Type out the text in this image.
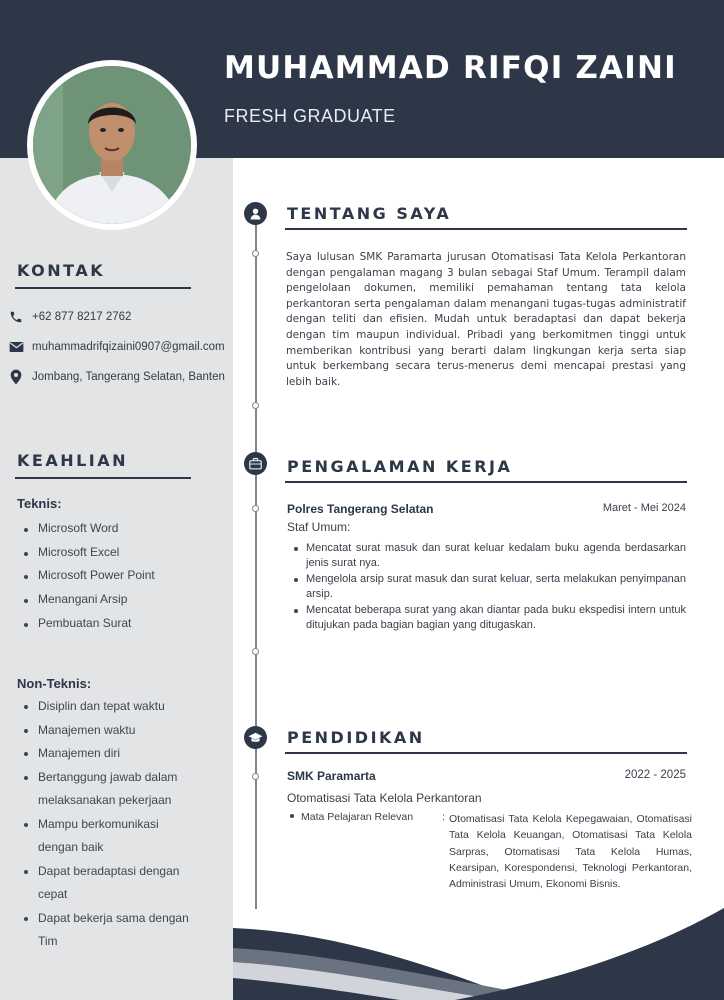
MUHAMMAD RIFQI ZAINI
FRESH GRADUATE
KONTAK
+62 877 8217 2762
muhammadrifqizaini0907@gmail.com
Jombang, Tangerang Selatan, Banten
KEAHLIAN
Teknis:
Microsoft Word
Microsoft Excel
Microsoft Power Point
Menangani Arsip
Pembuatan Surat
Non-Teknis:
Disiplin dan tepat waktu
Manajemen waktu
Manajemen diri
Bertanggung jawab dalam melaksanakan pekerjaan
Mampu berkomunikasi dengan baik
Dapat beradaptasi dengan cepat
Dapat bekerja sama dengan Tim
TENTANG SAYA
Saya lulusan SMK Paramarta jurusan Otomatisasi Tata Kelola Perkantoran dengan pengalaman magang 3 bulan sebagai Staf Umum. Terampil dalam pengelolaan dokumen, memiliki pemahaman tentang tata kelola perkantoran serta pengalaman dalam menangani tugas-tugas administratif dengan teliti dan efisien. Mudah untuk beradaptasi dan dapat bekerja dengan tim maupun individual. Pribadi yang berkomitmen tinggi untuk memberikan kontribusi yang berarti dalam lingkungan kerja serta siap untuk berkembang secara terus-menerus demi mencapai prestasi yang lebih baik.
PENGALAMAN KERJA
Polres Tangerang Selatan	Maret - Mei 2024
Staf Umum:
Mencatat surat masuk dan surat keluar kedalam buku agenda berdasarkan jenis surat nya.
Mengelola arsip surat masuk dan surat keluar, serta melakukan penyimpanan arsip.
Mencatat beberapa surat yang akan diantar pada buku ekspedisi intern untuk ditujukan pada bagian bagian yang ditugaskan.
PENDIDIKAN
SMK Paramarta	2022 - 2025
Otomatisasi Tata Kelola Perkantoran
Mata Pelajaran Relevan	: Otomatisasi Tata Kelola Kepegawaian, Otomatisasi Tata Kelola Keuangan, Otomatisasi Tata Kelola Sarpras, Otomatisasi Tata Kelola Humas, Kearsipan, Korespondensi, Teknologi Perkantoran, Administrasi Umum, Ekonomi Bisnis.
